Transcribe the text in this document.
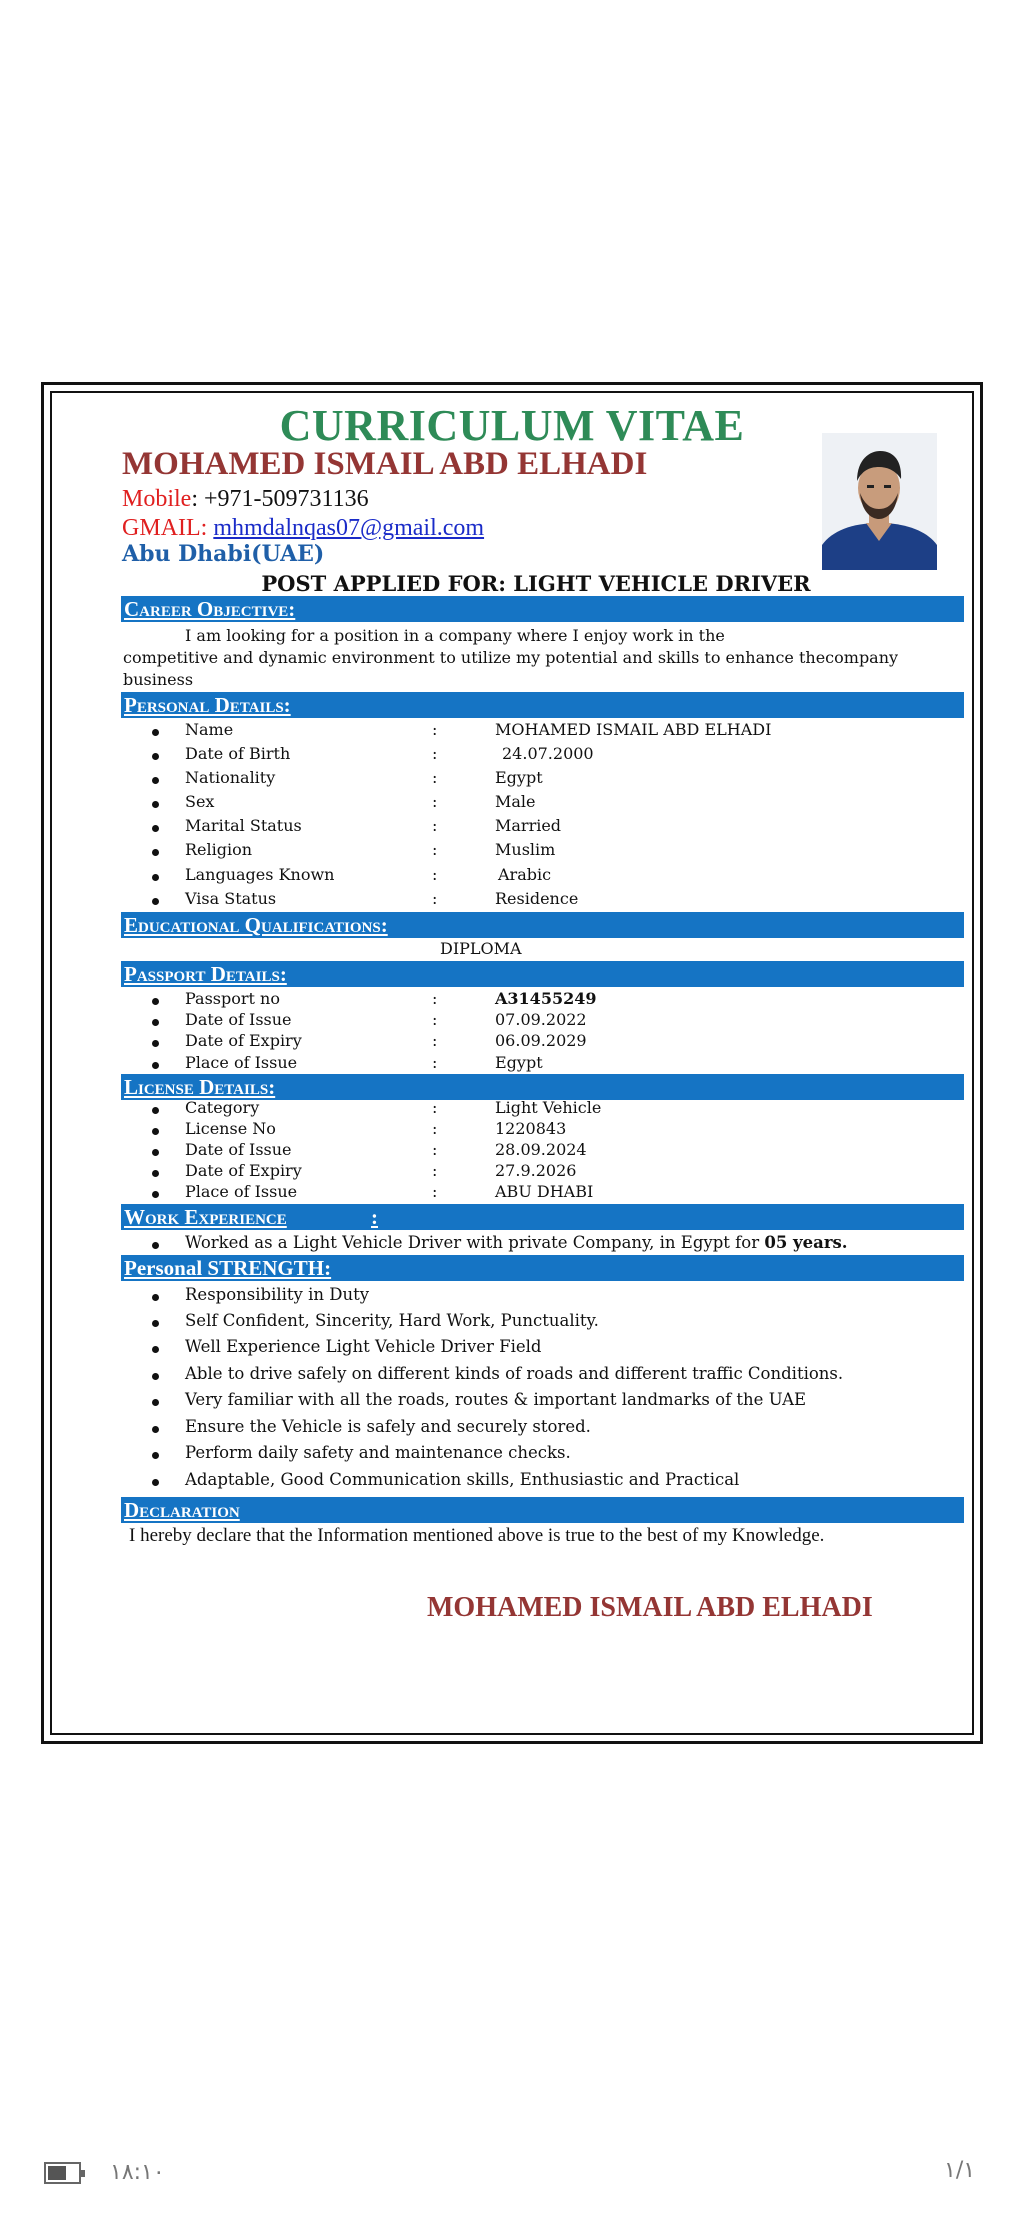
CURRICULUM VITAE
MOHAMED ISMAIL ABD ELHADI
Mobile: +971-509731136
GMAIL: mhmdalnqas07@gmail.com
Abu Dhabi(UAE)
POST APPLIED FOR: LIGHT VEHICLE DRIVER
Career Objective:
I am looking for a position in a company where I enjoy work in the
competitive and dynamic environment to utilize my potential and skills to enhance thecompany
business
Personal Details:
Name	:	MOHAMED ISMAIL ABD ELHADI
Date of Birth	:	24.07.2000
Nationality	:	Egypt
Sex	:	Male
Marital Status	:	Married
Religion	:	Muslim
Languages Known	:	Arabic
Visa Status	:	Residence
Educational Qualifications:
DIPLOMA
Passport Details:
Passport no	:	A31455249
Date of Issue	:	07.09.2022
Date of Expiry	:	06.09.2029
Place of Issue	:	Egypt
License Details:
Category	:	Light Vehicle
License No	:	1220843
Date of Issue	:	28.09.2024
Date of Expiry	:	27.9.2026
Place of Issue	:	ABU DHABI
Work Experience	:
Worked as a Light Vehicle Driver with private Company, in Egypt for 05 years.
Personal STRENGTH:
Responsibility in Duty
Self Confident, Sincerity, Hard Work, Punctuality.
Well Experience Light Vehicle Driver Field
Able to drive safely on different kinds of roads and different traffic Conditions.
Very familiar with all the roads, routes & important landmarks of the UAE
Ensure the Vehicle is safely and securely stored.
Perform daily safety and maintenance checks.
Adaptable, Good Communication skills, Enthusiastic and Practical
Declaration
I hereby declare that the Information mentioned above is true to the best of my Knowledge.
MOHAMED ISMAIL ABD ELHADI
١٨:١٠	١/١
